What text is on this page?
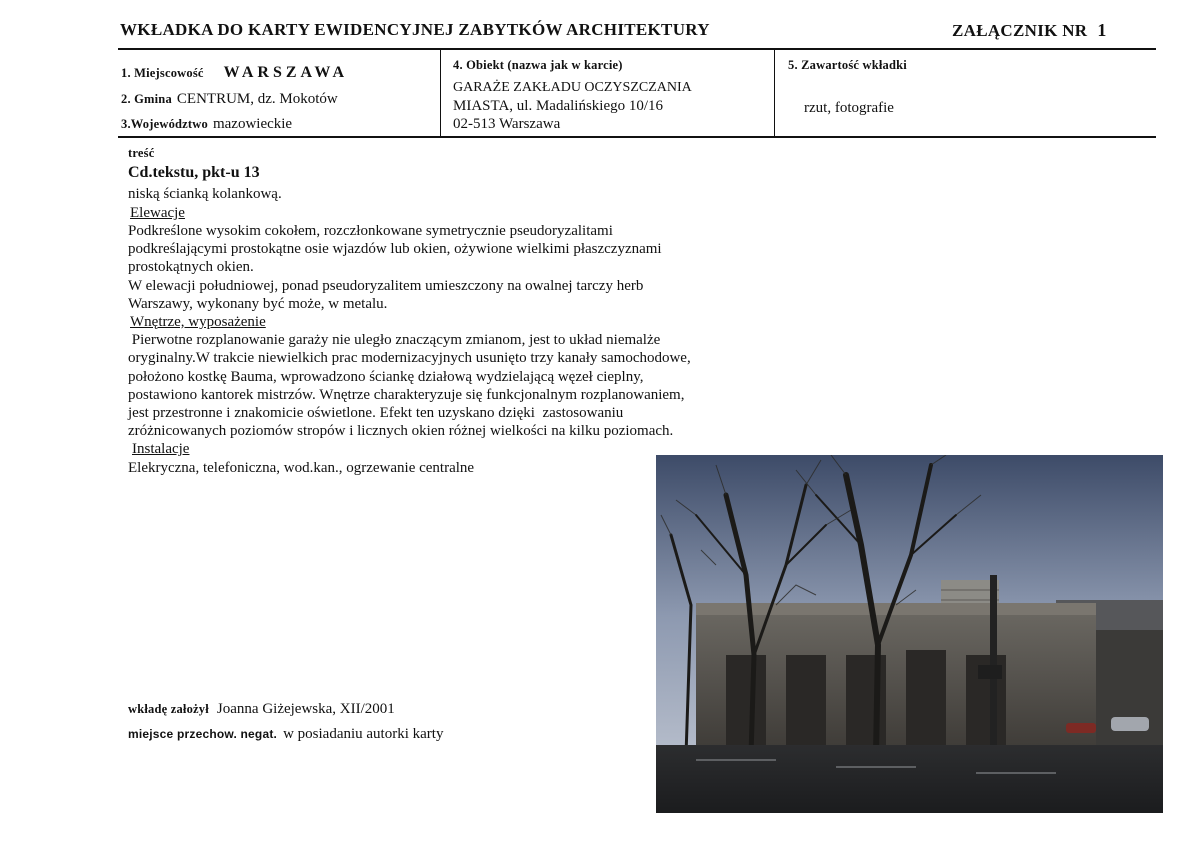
WKŁADKA DO KARTY EWIDENCYJNEJ ZABYTKÓW ARCHITEKTURY	ZAŁĄCZNIK NR 1
1. Miejscowość WARSZAWA
2. Gmina CENTRUM, dz. Mokotów
3.Województwo mazowieckie
4. Obiekt (nazwa jak w karcie)
GARAŻE ZAKŁADU OCZYSZCZANIA
MIASTA, ul. Madalińskiego 10/16
02-513 Warszawa
5. Zawartość wkładki
rzut, fotografie
treść
Cd.tekstu, pkt-u 13
niską ścianką kolankową.
Elewacje

Podkreślone wysokim cokołem, rozczłonkowane symetrycznie pseudoryzalitami

podkreślającymi prostokątne osie wjazdów lub okien, ożywione wielkimi płaszczyznami

prostokątnych okien.

W elewacji południowej, ponad pseudoryzalitem umieszczony na owalnej tarczy herb

Warszawy, wykonany być może, w metalu.

Wnętrze, wyposażenie

Pierwotne rozplanowanie garaży nie uległo znaczącym zmianom, jest to układ niemalże

oryginalny.W trakcie niewielkich prac modernizacyjnych usunięto trzy kanały samochodowe,

położono kostkę Bauma, wprowadzono ściankę działową wydzielającą węzeł cieplny,

postawiono kantorek mistrzów. Wnętrze charakteryzuje się funkcjonalnym rozplanowaniem,

jest przestronne i znakomicie oświetlone. Efekt ten uzyskano dzięki  zastosowaniu

zróżnicowanych poziomów stropów i licznych okien różnej wielkości na kilku poziomach.

Instalacje

Elekryczna, telefoniczna, wod.kan., ogrzewanie centralne

wkładę założył Joanna Giżejewska, XII/2001
miejsce przechow. negat. w posiadaniu autorki karty
